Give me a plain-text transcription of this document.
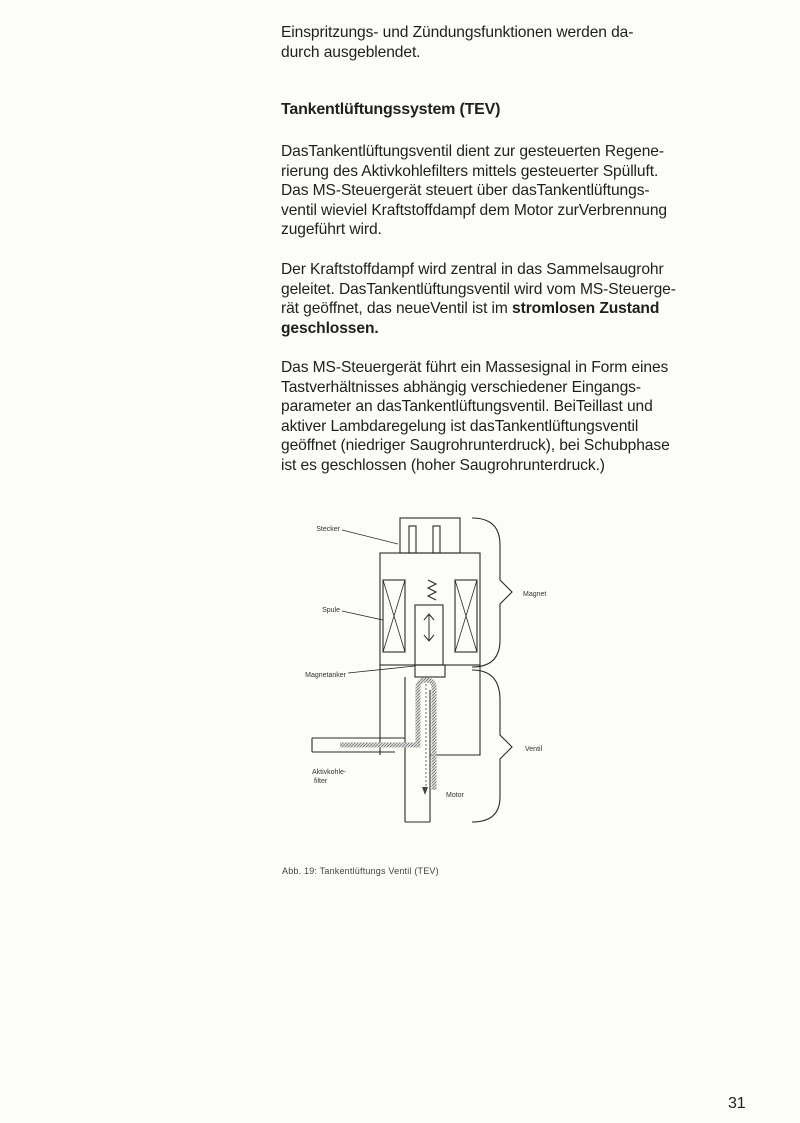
Einspritzungs- und Zündungsfunktionen werden da-
durch ausgeblendet.

Tankentlüftungssystem (TEV)

DasTankentlüftungsventil dient zur gesteuerten Regene-
rierung des Aktivkohlefilters mittels gesteuerter Spülluft.
Das MS-Steuergerät steuert über dasTankentlüftungs-
ventil wieviel Kraftstoffdampf dem Motor zurVerbrennung
zugeführt wird.

Der Kraftstoffdampf wird zentral in das Sammelsaugrohr
geleitet. DasTankentlüftungsventil wird vom MS-Steuerge-
rät geöffnet, das neueVentil ist im stromlosen Zustand
geschlossen.

Das MS-Steuergerät führt ein Massesignal in Form eines
Tastverhältnisses abhängig verschiedener Eingangs-
parameter an dasTankentlüftungsventil. BeiTeillast und
aktiver Lambdaregelung ist dasTankentlüftungsventil
geöffnet (niedriger Saugrohrunterdruck), bei Schubphase
ist es geschlossen (hoher Saugrohrunterdruck.)

Stecker
Spule
Magnetanker
Magnet
Ventil
Aktivkohle-
filter
Motor

Abb. 19: Tankentlüftungs Ventil (TEV)

31
